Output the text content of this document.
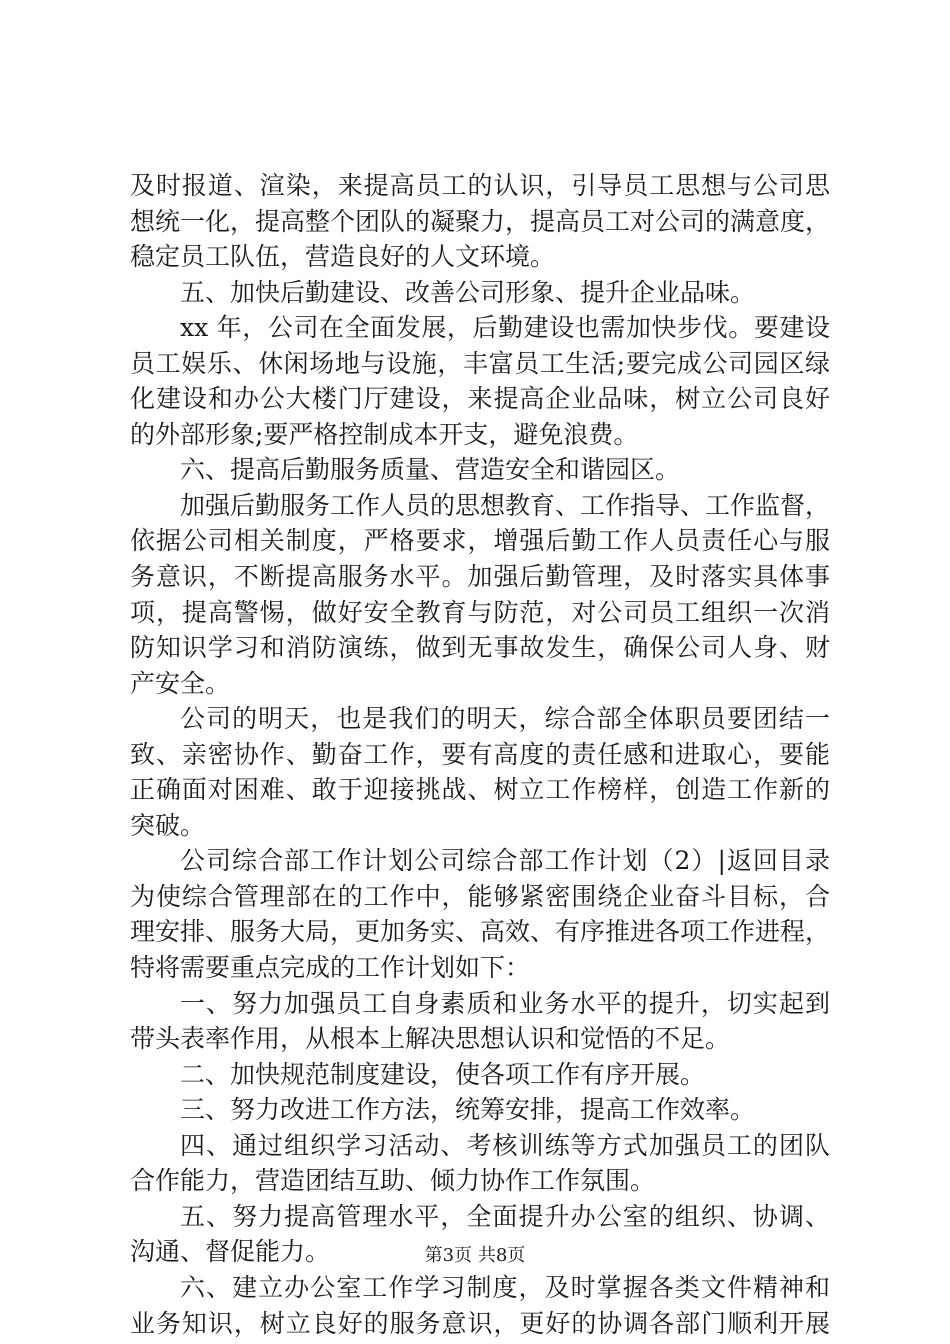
及时报道、渲染，来提高员工的认识，引导员工思想与公司思
想统一化，提高整个团队的凝聚力，提高员工对公司的满意度，
稳定员工队伍，营造良好的人文环境。
五、加快后勤建设、改善公司形象、提升企业品味。
xx 年，公司在全面发展，后勤建设也需加快步伐。要建设
员工娱乐、休闲场地与设施，丰富员工生活;要完成公司园区绿
化建设和办公大楼门厅建设，来提高企业品味，树立公司良好
的外部形象;要严格控制成本开支，避免浪费。
六、提高后勤服务质量、营造安全和谐园区。
加强后勤服务工作人员的思想教育、工作指导、工作监督，
依据公司相关制度，严格要求，增强后勤工作人员责任心与服
务意识，不断提高服务水平。加强后勤管理，及时落实具体事
项，提高警惕，做好安全教育与防范，对公司员工组织一次消
防知识学习和消防演练，做到无事故发生，确保公司人身、财
产安全。
公司的明天，也是我们的明天，综合部全体职员要团结一
致、亲密协作、勤奋工作，要有高度的责任感和进取心，要能
正确面对困难、敢于迎接挑战、树立工作榜样，创造工作新的
突破。
公司综合部工作计划公司综合部工作计划（2）|返回目录
为使综合管理部在的工作中，能够紧密围绕企业奋斗目标，合
理安排、服务大局，更加务实、高效、有序推进各项工作进程，
特将需要重点完成的工作计划如下：
一、努力加强员工自身素质和业务水平的提升，切实起到
带头表率作用，从根本上解决思想认识和觉悟的不足。
二、加快规范制度建设，使各项工作有序开展。
三、努力改进工作方法，统筹安排，提高工作效率。
四、通过组织学习活动、考核训练等方式加强员工的团队
合作能力，营造团结互助、倾力协作工作氛围。
五、努力提高管理水平，全面提升办公室的组织、协调、
沟通、督促能力。
六、建立办公室工作学习制度，及时掌握各类文件精神和
业务知识，树立良好的服务意识，更好的协调各部门顺利开展
第3页 共8页
